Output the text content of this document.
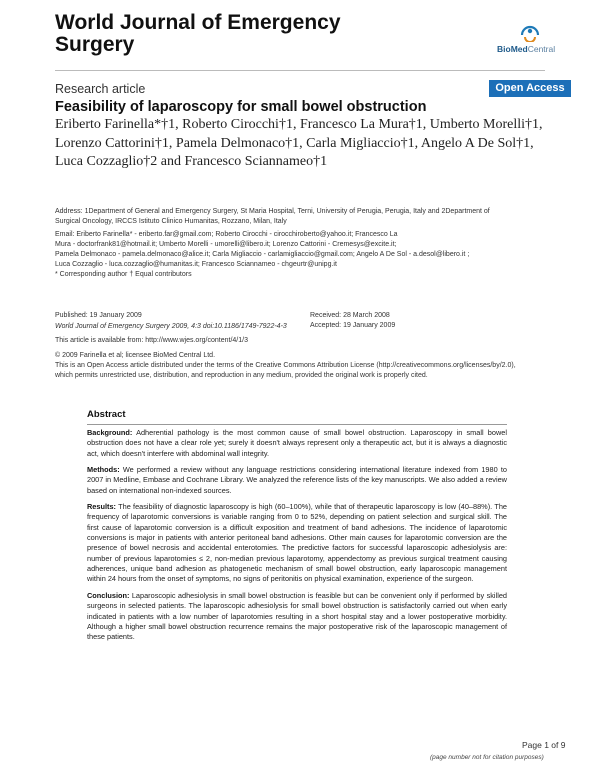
World Journal of Emergency
Surgery	BioMedCentral
Research article	Open Access
Feasibility of laparoscopy for small bowel obstruction
Eriberto Farinella*†1, Roberto Cirocchi†1, Francesco La Mura†1, Umberto Morelli†1, Lorenzo Cattorini†1, Pamela Delmonaco†1, Carla Migliaccio†1, Angelo A De Sol†1, Luca Cozzaglio†2 and Francesco Sciannameo†1
Address: 1Department of General and Emergency Surgery, St Maria Hospital, Terni, University of Perugia, Perugia, Italy and 2Department of
Surgical Oncology, IRCCS Istituto Clinico Humanitas, Rozzano, Milan, Italy
Email: Eriberto Farinella* - eriberto.far@gmail.com; Roberto Cirocchi - cirocchiroberto@yahoo.it; Francesco La
Mura - doctorfrank81@hotmail.it; Umberto Morelli - umorelli@libero.it; Lorenzo Cattorini - Cremesys@excite.it;
Pamela Delmonaco - pamela.delmonaco@alice.it; Carla Migliaccio - carlamigliaccio@gmail.com; Angelo A De Sol - a.desol@libero.it ;
Luca Cozzaglio - luca.cozzaglio@humanitas.it; Francesco Sciannameo - chgeurtr@unipg.it
* Corresponding author † Equal contributors
Published: 19 January 2009
World Journal of Emergency Surgery 2009, 4:3 doi:10.1186/1749-7922-4-3
Received: 28 March 2008
Accepted: 19 January 2009
This article is available from: http://www.wjes.org/content/4/1/3
© 2009 Farinella et al; licensee BioMed Central Ltd.
This is an Open Access article distributed under the terms of the Creative Commons Attribution License (http://creativecommons.org/licenses/by/2.0),
which permits unrestricted use, distribution, and reproduction in any medium, provided the original work is properly cited.
Abstract

Background: Adherential pathology is the most common cause of small bowel obstruction. Laparoscopy in small bowel obstruction does not have a clear role yet; surely it doesn't always represent only a therapeutic act, but it is always a diagnostic act, which doesn't interfere with abdominal wall integrity.

Methods: We performed a review without any language restrictions considering international literature indexed from 1980 to 2007 in Medline, Embase and Cochrane Library. We analyzed the reference lists of the key manuscripts. We also added a review based on international non-indexed sources.

Results: The feasibility of diagnostic laparoscopy is high (60–100%), while that of therapeutic laparoscopy is low (40–88%). The frequency of laparotomic conversions is variable ranging from 0 to 52%, depending on patient selection and surgical skill. The first cause of laparotomic conversion is a difficult exposition and treatment of band adhesions. The incidence of laparotomic conversions is major in patients with anterior peritoneal band adhesions. Other main causes for laparotomic conversion are the presence of bowel necrosis and accidental enterotomies. The predictive factors for successful laparoscopic adhesiolysis are: number of previous laparotomies ≤ 2, non-median previous laparotomy, appendectomy as previous surgical treatment causing adherences, unique band adhesion as phatogenetic mechanism of small bowel obstruction, early laparoscopic management within 24 hours from the onset of symptoms, no signs of peritonitis on physical examination, experience of the surgeon.

Conclusion: Laparoscopic adhesiolysis in small bowel obstruction is feasible but can be convenient only if performed by skilled surgeons in selected patients. The laparoscopic adhesiolysis for small bowel obstruction is satisfactorily carried out when early indicated in patients with a low number of laparotomies resulting in a short hospital stay and a lower postoperative morbidity. Although a higher small bowel obstruction recurrence remains the major postoperative risk of the laparoscopic management of these patients.

Page 1 of 9
(page number not for citation purposes)
